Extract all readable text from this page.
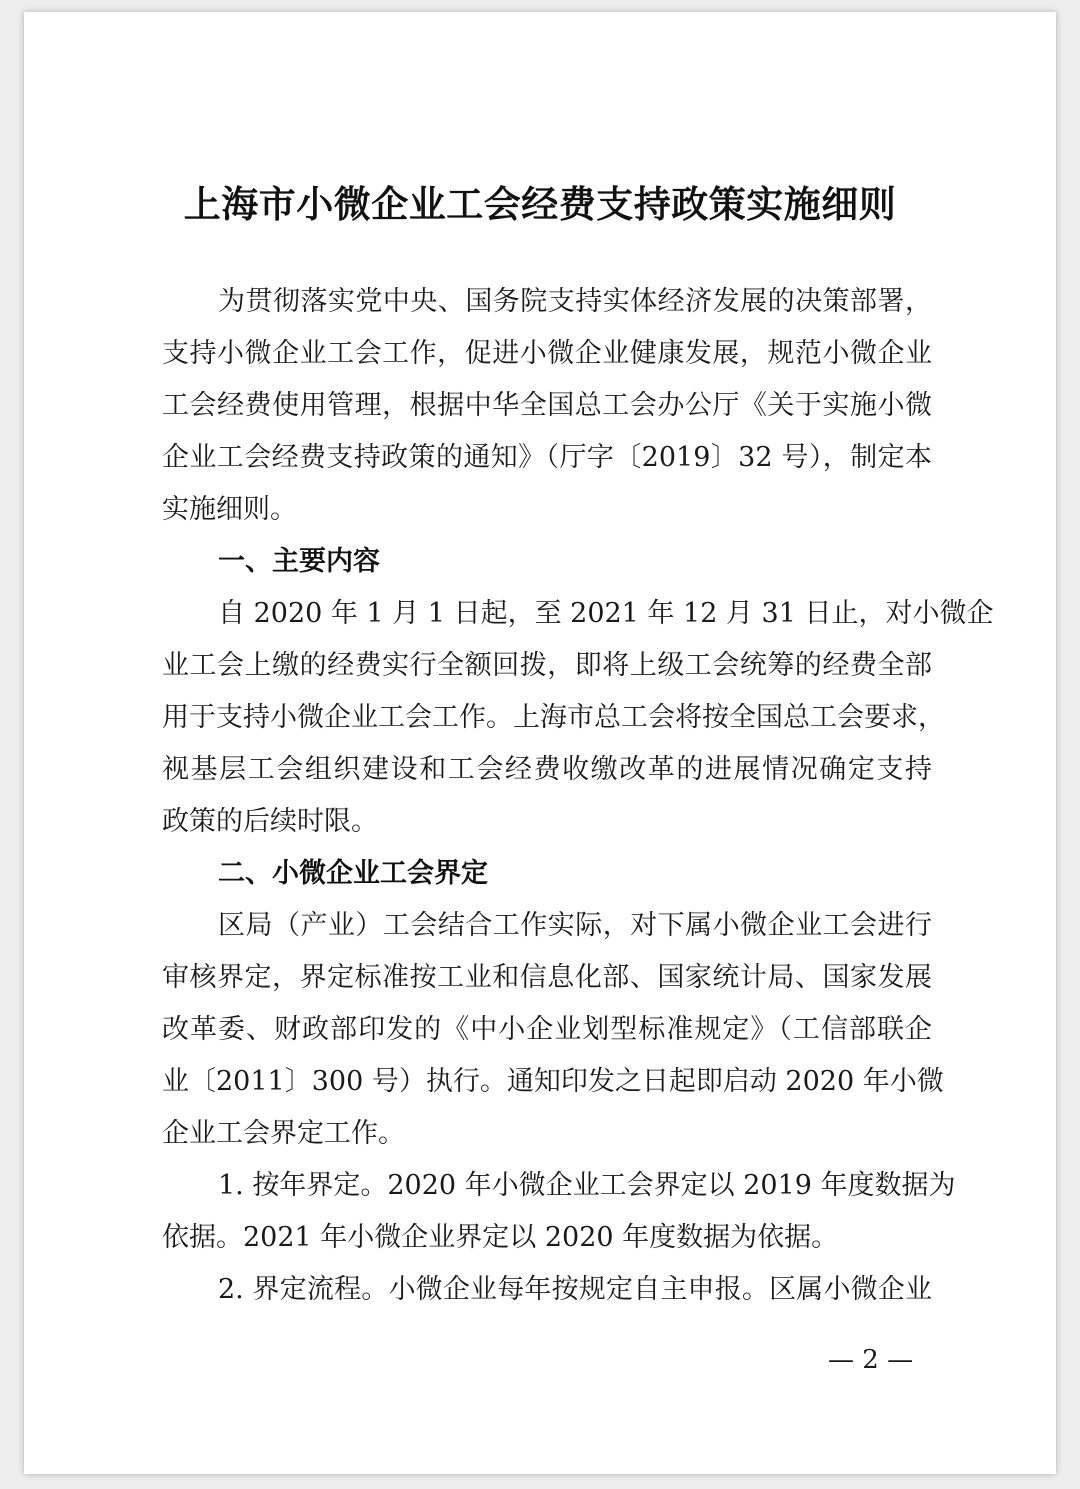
上海市小微企业工会经费支持政策实施细则
为贯彻落实党中央、国务院支持实体经济发展的决策部署，
支持小微企业工会工作，促进小微企业健康发展，规范小微企业
工会经费使用管理，根据中华全国总工会办公厅《关于实施小微
企业工会经费支持政策的通知》（厅字〔2019〕32 号），制定本
实施细则。
一、主要内容
自 2020 年 1 月 1 日起，至 2021 年 12 月 31 日止，对小微企
业工会上缴的经费实行全额回拨，即将上级工会统筹的经费全部
用于支持小微企业工会工作。上海市总工会将按全国总工会要求，
视基层工会组织建设和工会经费收缴改革的进展情况确定支持
政策的后续时限。
二、小微企业工会界定
区局（产业）工会结合工作实际，对下属小微企业工会进行
审核界定，界定标准按工业和信息化部、国家统计局、国家发展
改革委、财政部印发的《中小企业划型标准规定》（工信部联企
业〔2011〕300 号）执行。通知印发之日起即启动 2020 年小微
企业工会界定工作。
1. 按年界定。2020 年小微企业工会界定以 2019 年度数据为
依据。2021 年小微企业界定以 2020 年度数据为依据。
2. 界定流程。小微企业每年按规定自主申报。区属小微企业
— 2 —
